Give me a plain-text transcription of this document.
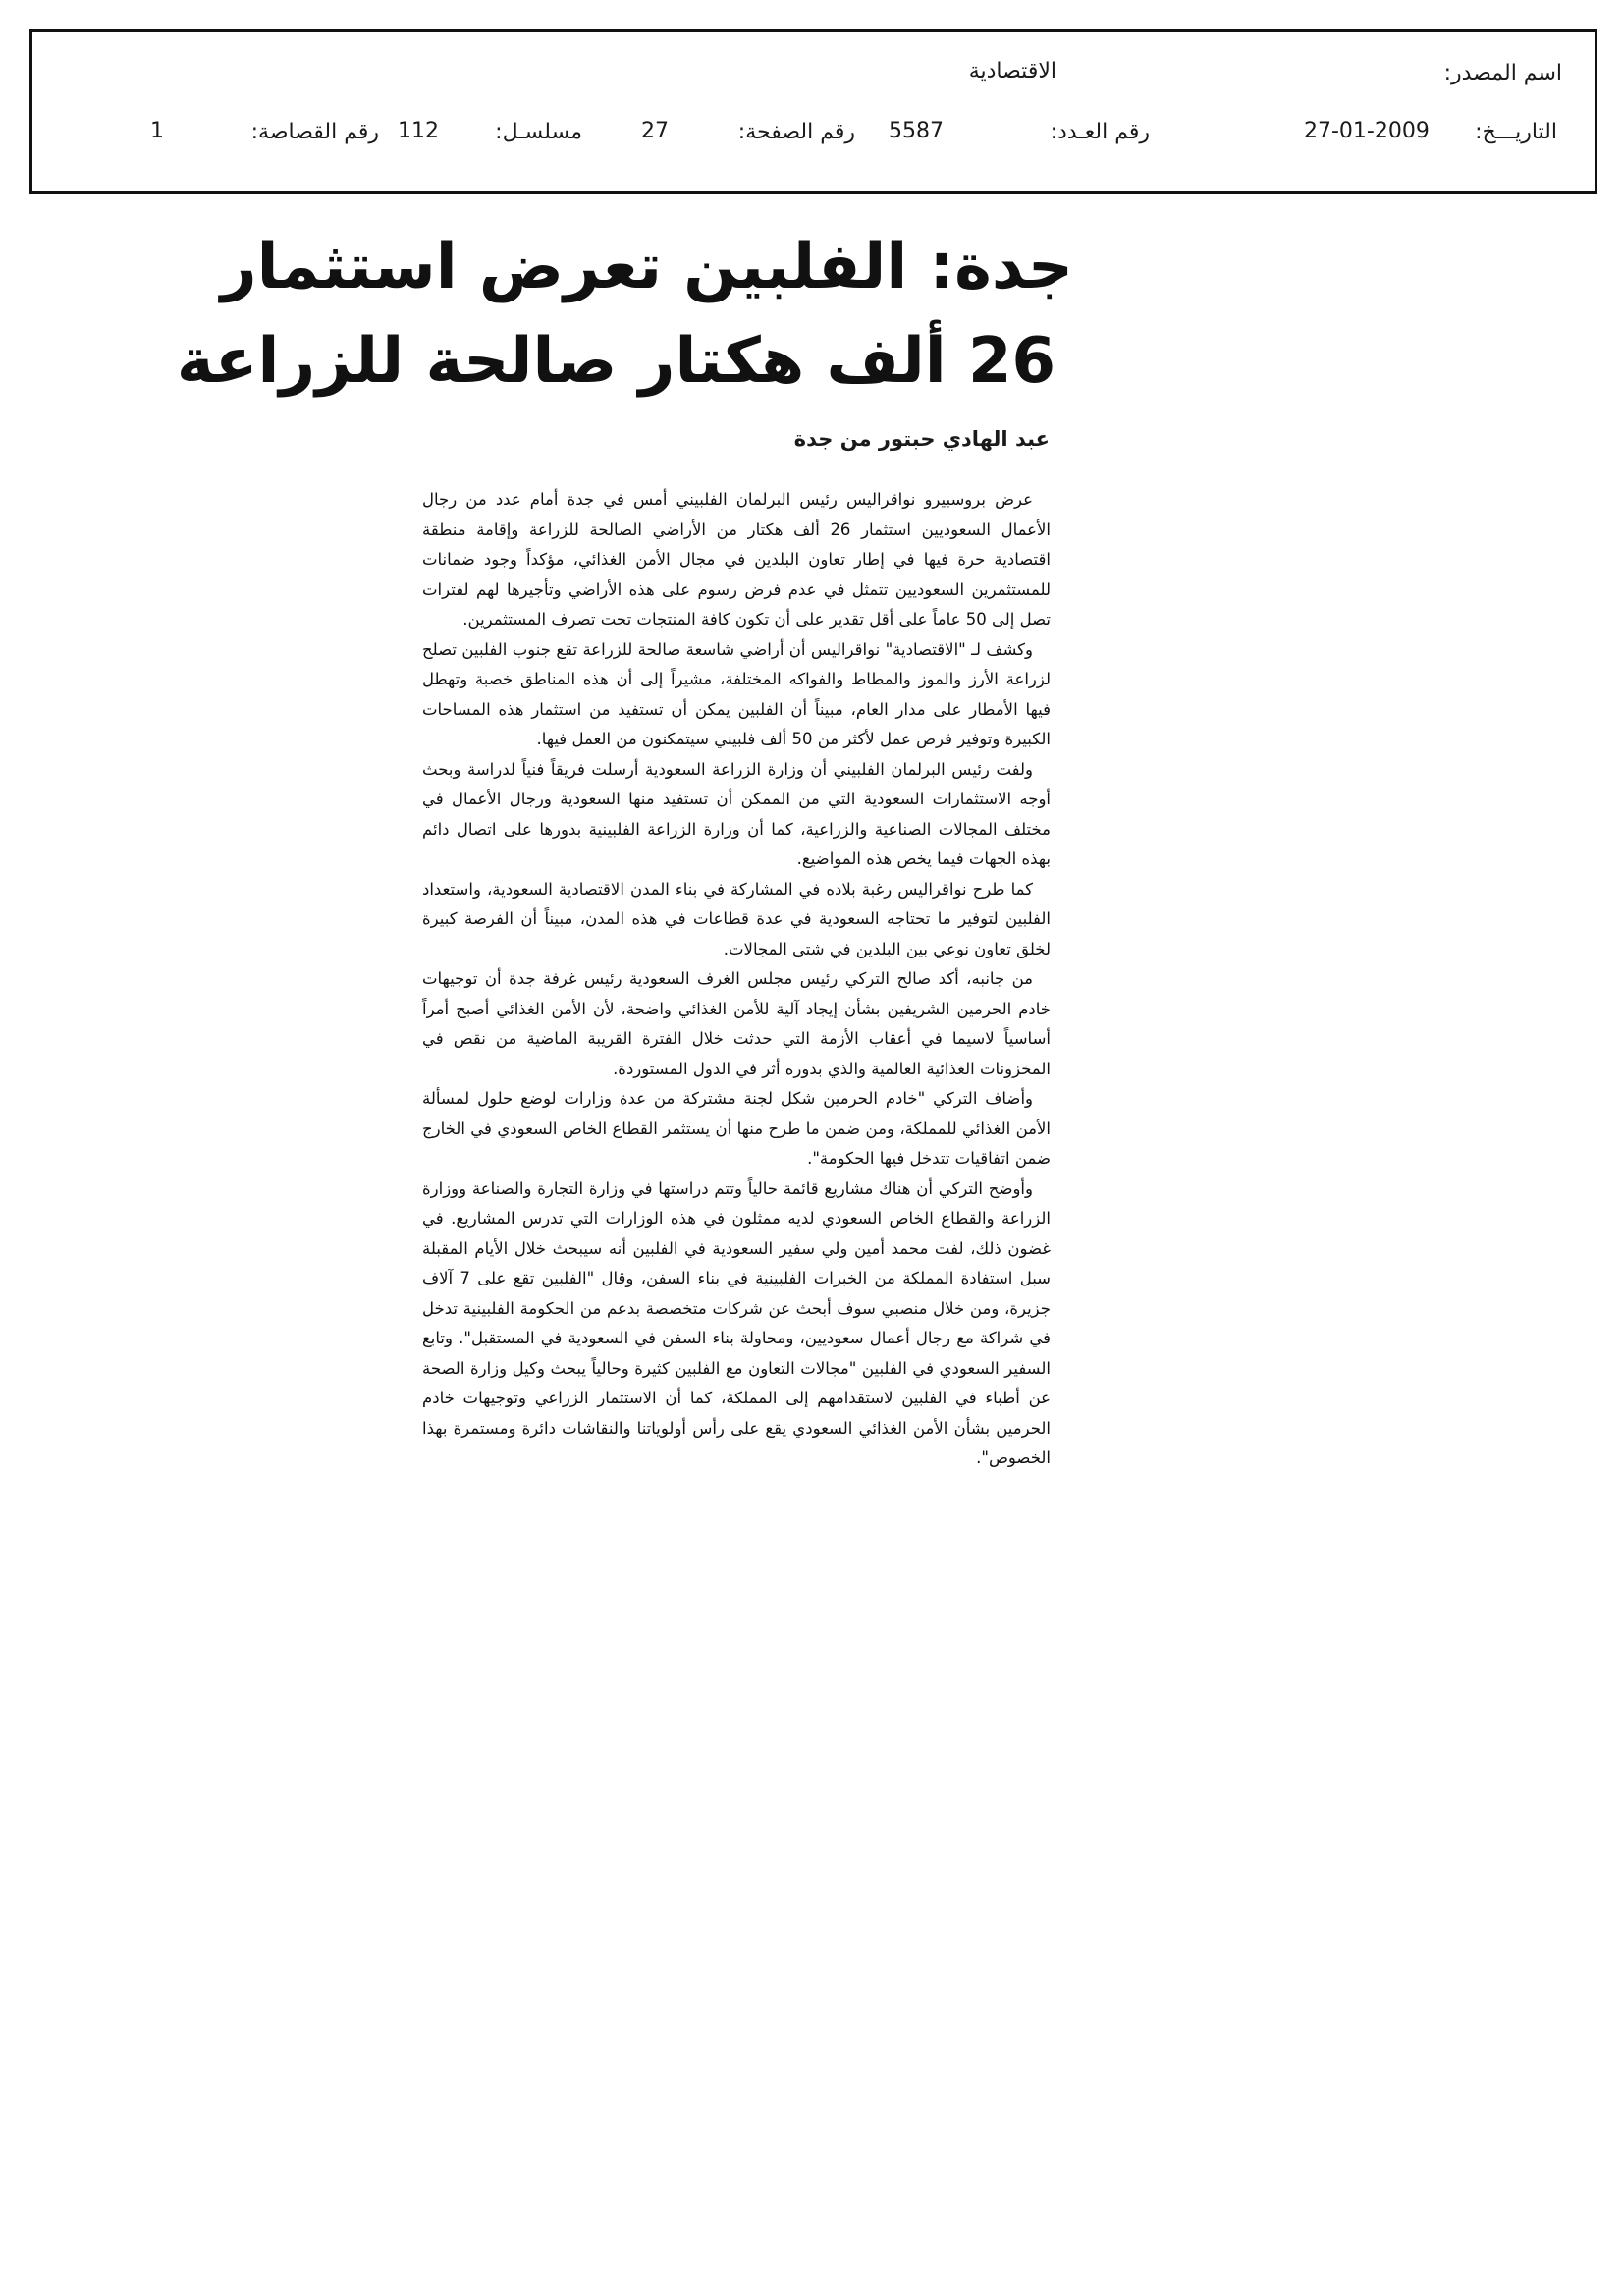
اسم المصدر:
الاقتصادية
التاريـــخ:
27-01-2009
رقم العـدد:
5587
رقم الصفحة:
27
مسلسـل:
112
رقم القصاصة:
1
جدة: الفلبين تعرض استثمار
26 ألف هكتار صالحة للزراعة
عبد الهادي حبتور من جدة

عرض بروسبيرو نواقراليس رئيس البرلمان الفلبيني أمس في جدة أمام عدد من رجال الأعمال السعوديين استثمار 26 ألف هكتار من الأراضي الصالحة للزراعة وإقامة منطقة اقتصادية حرة فيها في إطار تعاون البلدين في مجال الأمن الغذائي، مؤكداً وجود ضمانات للمستثمرين السعوديين تتمثل في عدم فرض رسوم على هذه الأراضي وتأجيرها لهم لفترات تصل إلى 50 عاماً على أقل تقدير على أن تكون كافة المنتجات تحت تصرف المستثمرين.

وكشف لـ "الاقتصادية" نواقراليس أن أراضي شاسعة صالحة للزراعة تقع جنوب الفلبين تصلح لزراعة الأرز والموز والمطاط والفواكه المختلفة، مشيراً إلى أن هذه المناطق خصبة وتهطل فيها الأمطار على مدار العام، مبيناً أن الفلبين يمكن أن تستفيد من استثمار هذه المساحات الكبيرة وتوفير فرص عمل لأكثر من 50 ألف فلبيني سيتمكنون من العمل فيها.

ولفت رئيس البرلمان الفلبيني أن وزارة الزراعة السعودية أرسلت فريقاً فنياً لدراسة وبحث أوجه الاستثمارات السعودية التي من الممكن أن تستفيد منها السعودية ورجال الأعمال في مختلف المجالات الصناعية والزراعية، كما أن وزارة الزراعة الفلبينية بدورها على اتصال دائم بهذه الجهات فيما يخص هذه المواضيع.

كما طرح نواقراليس رغبة بلاده في المشاركة في بناء المدن الاقتصادية السعودية، واستعداد الفلبين لتوفير ما تحتاجه السعودية في عدة قطاعات في هذه المدن، مبيناً أن الفرصة كبيرة لخلق تعاون نوعي بين البلدين في شتى المجالات.

من جانبه، أكد صالح التركي رئيس مجلس الغرف السعودية رئيس غرفة جدة أن توجيهات خادم الحرمين الشريفين بشأن إيجاد آلية للأمن الغذائي واضحة، لأن الأمن الغذائي أصبح أمراً أساسياً لاسيما في أعقاب الأزمة التي حدثت خلال الفترة القريبة الماضية من نقص في المخزونات الغذائية العالمية والذي بدوره أثر في الدول المستوردة.

وأضاف التركي "خادم الحرمين شكل لجنة مشتركة من عدة وزارات لوضع حلول لمسألة الأمن الغذائي للمملكة، ومن ضمن ما طرح منها أن يستثمر القطاع الخاص السعودي في الخارج ضمن اتفاقيات تتدخل فيها الحكومة".

وأوضح التركي أن هناك مشاريع قائمة حالياً وتتم دراستها في وزارة التجارة والصناعة ووزارة الزراعة والقطاع الخاص السعودي لديه ممثلون في هذه الوزارات التي تدرس المشاريع. في غضون ذلك، لفت محمد أمين ولي سفير السعودية في الفلبين أنه سيبحث خلال الأيام المقبلة سبل استفادة المملكة من الخبرات الفلبينية في بناء السفن، وقال "الفلبين تقع على 7 آلاف جزيرة، ومن خلال منصبي سوف أبحث عن شركات متخصصة بدعم من الحكومة الفلبينية تدخل في شراكة مع رجال أعمال سعوديين، ومحاولة بناء السفن في السعودية في المستقبل". وتابع السفير السعودي في الفلبين "مجالات التعاون مع الفلبين كثيرة وحالياً يبحث وكيل وزارة الصحة عن أطباء في الفلبين لاستقدامهم إلى المملكة، كما أن الاستثمار الزراعي وتوجيهات خادم الحرمين بشأن الأمن الغذائي السعودي يقع على رأس أولوياتنا والنقاشات دائرة ومستمرة بهذا الخصوص".
